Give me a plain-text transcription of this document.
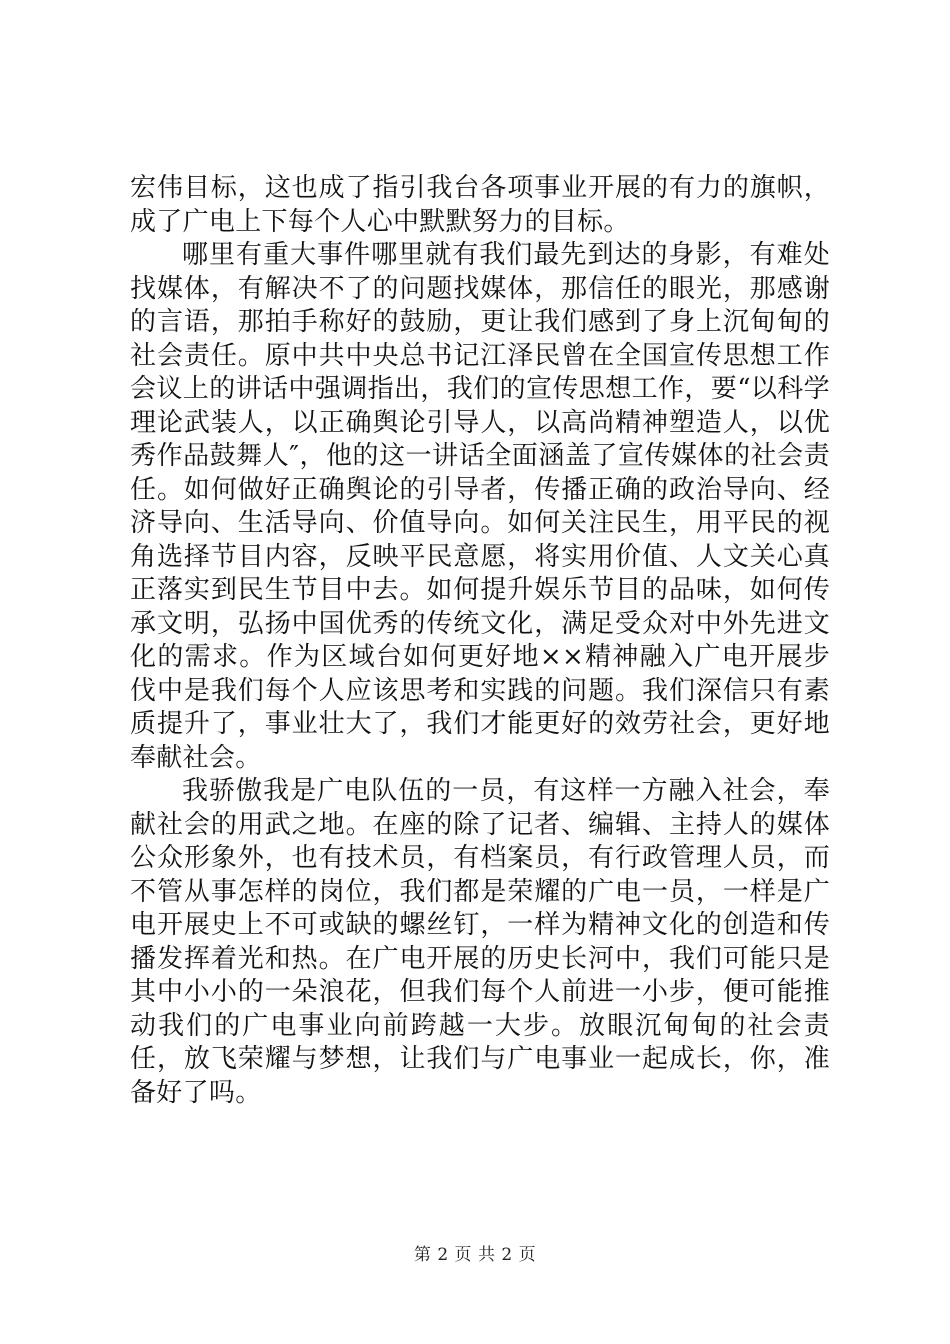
宏伟目标，这也成了指引我台各项事业开展的有力的旗帜，成了广电上下每个人心中默默努力的目标。

哪里有重大事件哪里就有我们最先到达的身影，有难处找媒体，有解决不了的问题找媒体，那信任的眼光，那感谢的言语，那拍手称好的鼓励，更让我们感到了身上沉甸甸的社会责任。原中共中央总书记江泽民曾在全国宣传思想工作会议上的讲话中强调指出，我们的宣传思想工作，要“以科学理论武装人，以正确舆论引导人，以高尚精神塑造人，以优秀作品鼓舞人″，他的这一讲话全面涵盖了宣传媒体的社会责任。如何做好正确舆论的引导者，传播正确的政治导向、经济导向、生活导向、价值导向。如何关注民生，用平民的视角选择节目内容，反映平民意愿，将实用价值、人文关心真正落实到民生节目中去。如何提升娱乐节目的品味，如何传承文明，弘扬中国优秀的传统文化，满足受众对中外先进文化的需求。作为区域台如何更好地××精神融入广电开展步伐中是我们每个人应该思考和实践的问题。我们深信只有素质提升了，事业壮大了，我们才能更好的效劳社会，更好地奉献社会。

我骄傲我是广电队伍的一员，有这样一方融入社会，奉献社会的用武之地。在座的除了记者、编辑、主持人的媒体公众形象外，也有技术员，有档案员，有行政管理人员，而不管从事怎样的岗位，我们都是荣耀的广电一员，一样是广电开展史上不可或缺的螺丝钉，一样为精神文化的创造和传播发挥着光和热。在广电开展的历史长河中，我们可能只是其中小小的一朵浪花，但我们每个人前进一小步，便可能推动我们的广电事业向前跨越一大步。放眼沉甸甸的社会责任，放飞荣耀与梦想，让我们与广电事业一起成长，你，准备好了吗。

第 2 页 共 2 页
